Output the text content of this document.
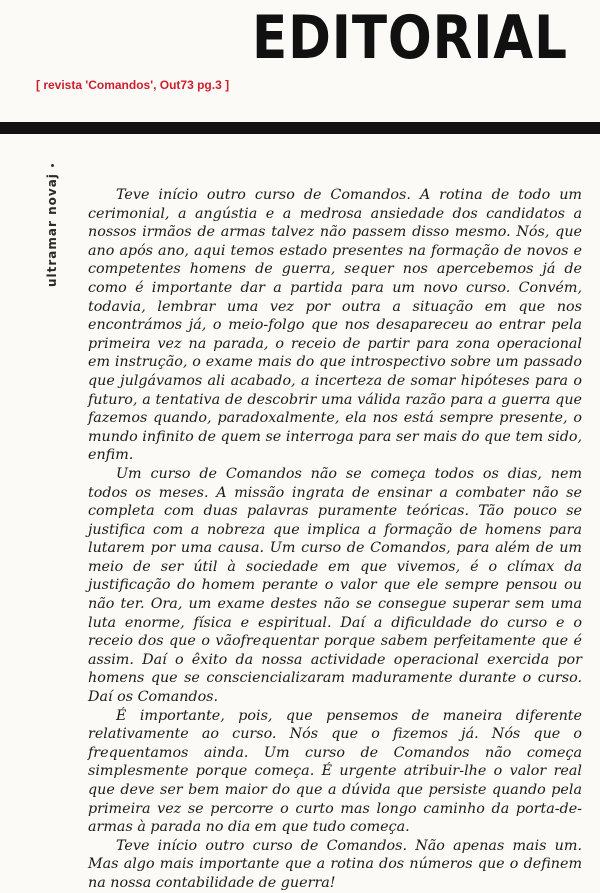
EDITORIAL

[ revista 'Comandos', Out73 pg.3 ]

ultramar novaj	Teve início outro curso de Comandos. A rotina de todo um cerimonial, a angústia e a medrosa ansiedade dos candidatos a nossos irmãos de armas talvez não passem disso mesmo. Nós, que ano após ano, aqui temos estado presentes na formação de novos e competentes homens de guerra, sequer nos apercebemos já de como é importante dar a partida para um novo curso. Convém, todavia, lembrar uma vez por outra a situação em que nos encontrámos já, o meio-folgo que nos desapareceu ao entrar pela primeira vez na parada, o receio de partir para zona operacional em instrução, o exame mais do que introspectivo sobre um passado que julgávamos ali acabado, a incerteza de somar hipóteses para o futuro, a tentativa de descobrir uma válida razão para a guerra que fazemos quando, paradoxalmente, ela nos está sempre presente, o mundo infinito de quem se interroga para ser mais do que tem sido, enfim.

Um curso de Comandos não se começa todos os dias, nem todos os meses. A missão ingrata de ensinar a combater não se completa com duas palavras puramente teóricas. Tão pouco se justifica com a nobreza que implica a formação de homens para lutarem por uma causa. Um curso de Comandos, para além de um meio de ser útil à sociedade em que vivemos, é o clímax da justificação do homem perante o valor que ele sempre pensou ou não ter. Ora, um exame destes não se consegue superar sem uma luta enorme, física e espiritual. Daí a dificuldade do curso e o receio dos que o vãofrequentar porque sabem perfeitamente que é assim. Daí o êxito da nossa actividade operacional exercida por homens que se consciencializaram maduramente durante o curso. Daí os Comandos.

É importante, pois, que pensemos de maneira diferente relativamente ao curso. Nós que o fizemos já. Nós que o frequentamos ainda. Um curso de Comandos não começa simplesmente porque começa. É urgente atribuir-lhe o valor real que deve ser bem maior do que a dúvida que persiste quando pela primeira vez se percorre o curto mas longo caminho da porta-de-armas à parada no dia em que tudo começa.

Teve início outro curso de Comandos. Não apenas mais um. Mas algo mais importante que a rotina dos números que o definem na nossa contabilidade de guerra!
